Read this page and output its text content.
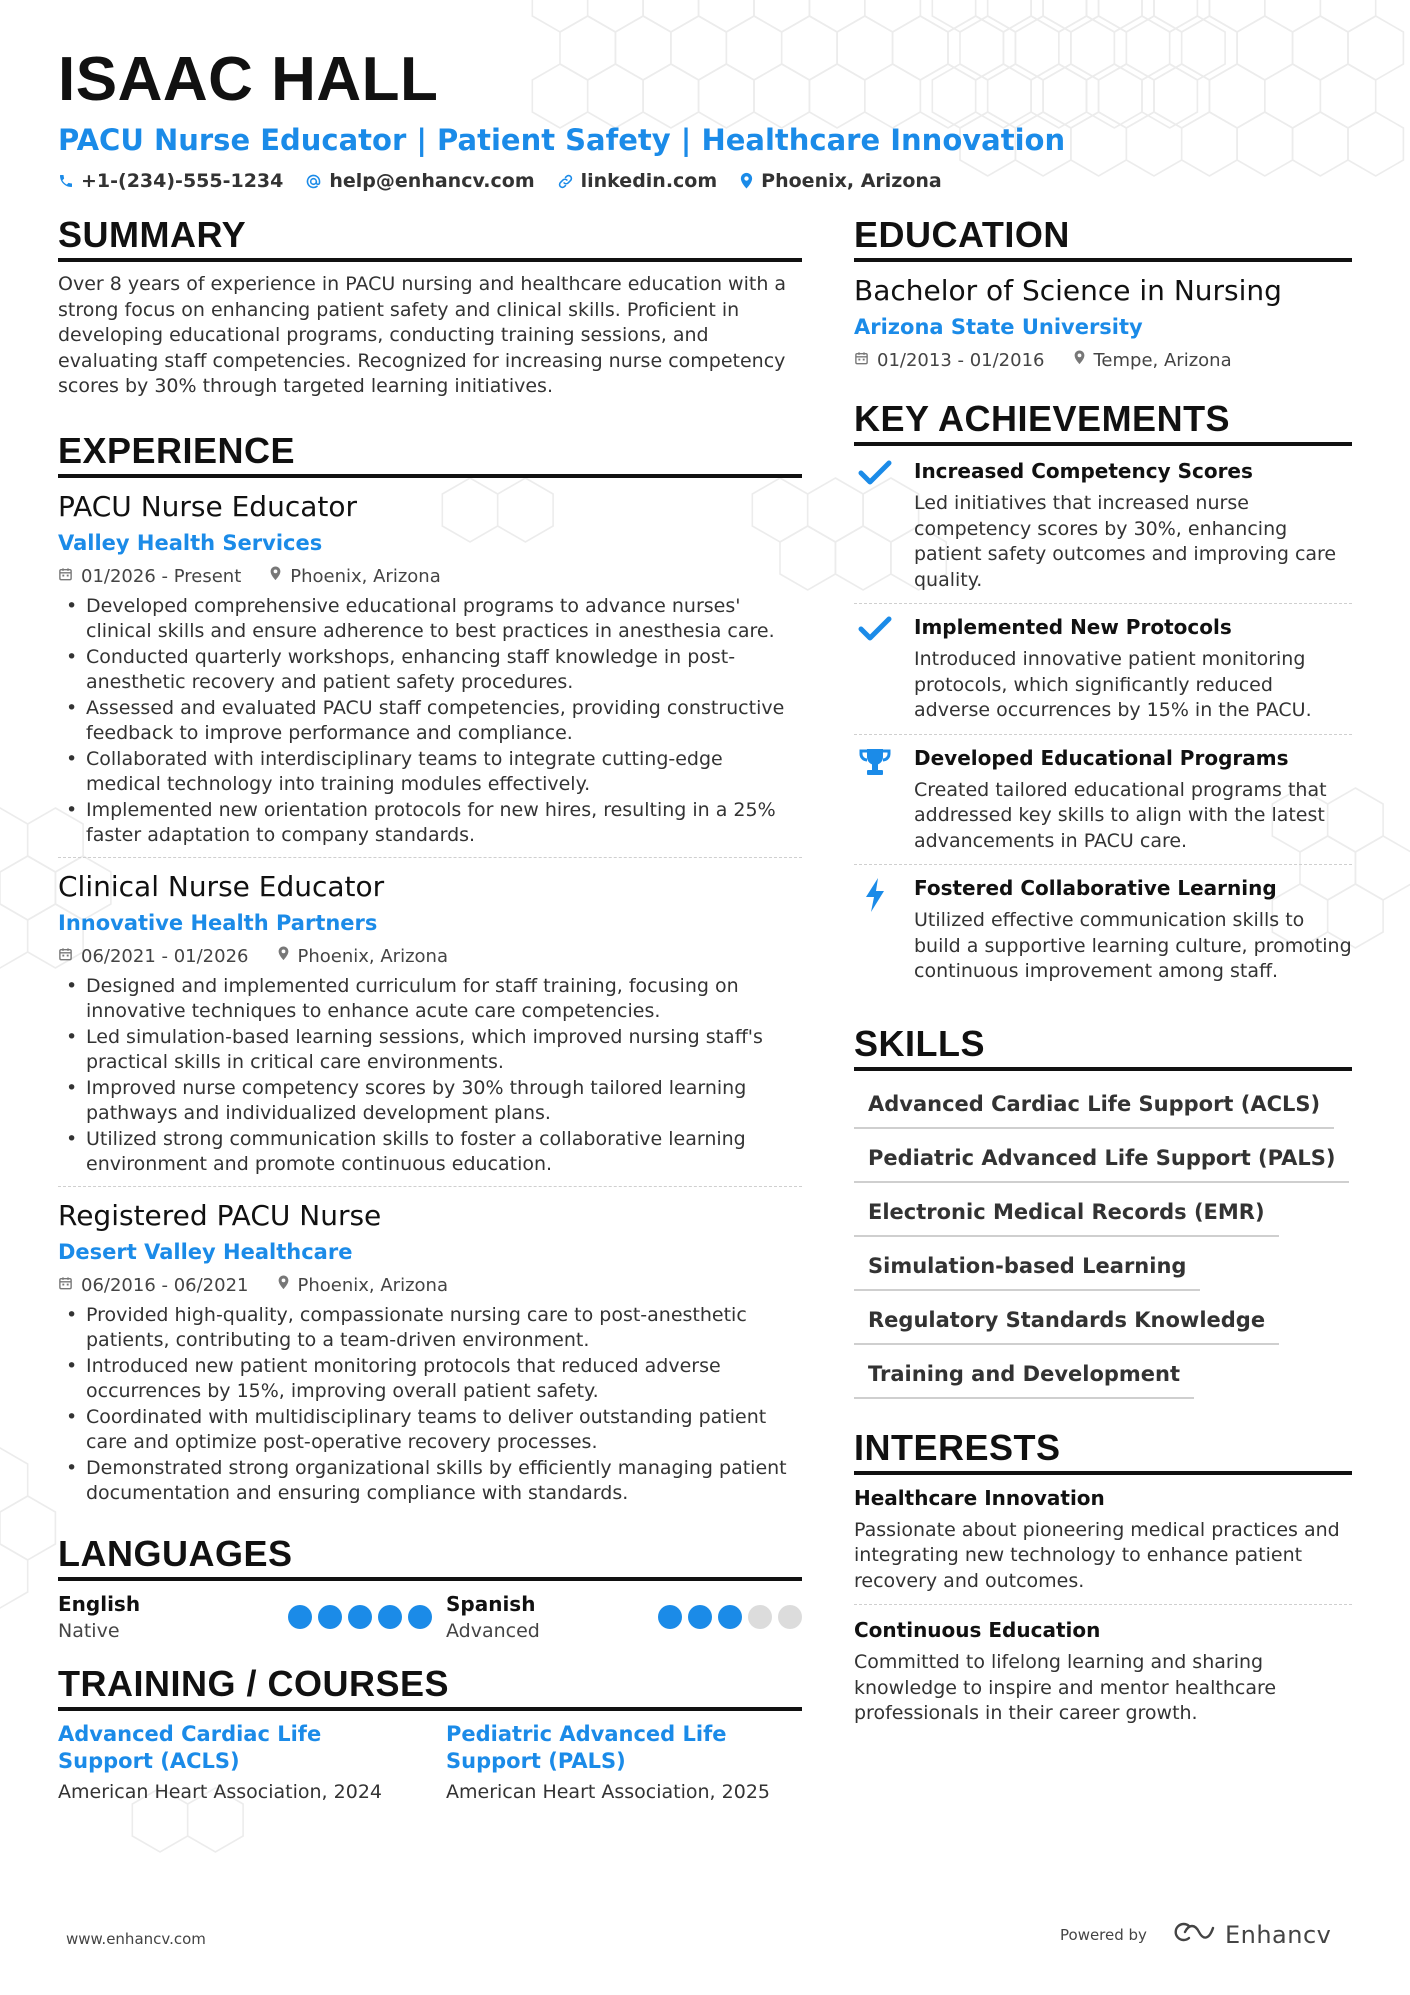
ISAAC HALL
PACU Nurse Educator | Patient Safety | Healthcare Innovation
+1-(234)-555-1234 help@enhancv.com linkedin.com Phoenix, Arizona
SUMMARY
Over 8 years of experience in PACU nursing and healthcare education with a strong focus on enhancing patient safety and clinical skills. Proficient in developing educational programs, conducting training sessions, and evaluating staff competencies. Recognized for increasing nurse competency scores by 30% through targeted learning initiatives.
EXPERIENCE
PACU Nurse Educator
Valley Health Services
01/2026 - Present	Phoenix, Arizona
• Developed comprehensive educational programs to advance nurses' clinical skills and ensure adherence to best practices in anesthesia care.
• Conducted quarterly workshops, enhancing staff knowledge in post-anesthetic recovery and patient safety procedures.
• Assessed and evaluated PACU staff competencies, providing constructive feedback to improve performance and compliance.
• Collaborated with interdisciplinary teams to integrate cutting-edge medical technology into training modules effectively.
• Implemented new orientation protocols for new hires, resulting in a 25% faster adaptation to company standards.
Clinical Nurse Educator
Innovative Health Partners
06/2021 - 01/2026	Phoenix, Arizona
• Designed and implemented curriculum for staff training, focusing on innovative techniques to enhance acute care competencies.
• Led simulation-based learning sessions, which improved nursing staff's practical skills in critical care environments.
• Improved nurse competency scores by 30% through tailored learning pathways and individualized development plans.
• Utilized strong communication skills to foster a collaborative learning environment and promote continuous education.
Registered PACU Nurse
Desert Valley Healthcare
06/2016 - 06/2021	Phoenix, Arizona
• Provided high-quality, compassionate nursing care to post-anesthetic patients, contributing to a team-driven environment.
• Introduced new patient monitoring protocols that reduced adverse occurrences by 15%, improving overall patient safety.
• Coordinated with multidisciplinary teams to deliver outstanding patient care and optimize post-operative recovery processes.
• Demonstrated strong organizational skills by efficiently managing patient documentation and ensuring compliance with standards.
LANGUAGES
English
Native
Spanish
Advanced
TRAINING / COURSES
Advanced Cardiac Life Support (ACLS)
American Heart Association, 2024
Pediatric Advanced Life Support (PALS)
American Heart Association, 2025
EDUCATION
Bachelor of Science in Nursing
Arizona State University
01/2013 - 01/2016	Tempe, Arizona
KEY ACHIEVEMENTS
Increased Competency Scores
Led initiatives that increased nurse competency scores by 30%, enhancing patient safety outcomes and improving care quality.
Implemented New Protocols
Introduced innovative patient monitoring protocols, which significantly reduced adverse occurrences by 15% in the PACU.
Developed Educational Programs
Created tailored educational programs that addressed key skills to align with the latest advancements in PACU care.
Fostered Collaborative Learning
Utilized effective communication skills to build a supportive learning culture, promoting continuous improvement among staff.
SKILLS
Advanced Cardiac Life Support (ACLS)
Pediatric Advanced Life Support (PALS)
Electronic Medical Records (EMR)
Simulation-based Learning
Regulatory Standards Knowledge
Training and Development
INTERESTS
Healthcare Innovation
Passionate about pioneering medical practices and integrating new technology to enhance patient recovery and outcomes.
Continuous Education
Committed to lifelong learning and sharing knowledge to inspire and mentor healthcare professionals in their career growth.
www.enhancv.com	Powered by	Enhancv
